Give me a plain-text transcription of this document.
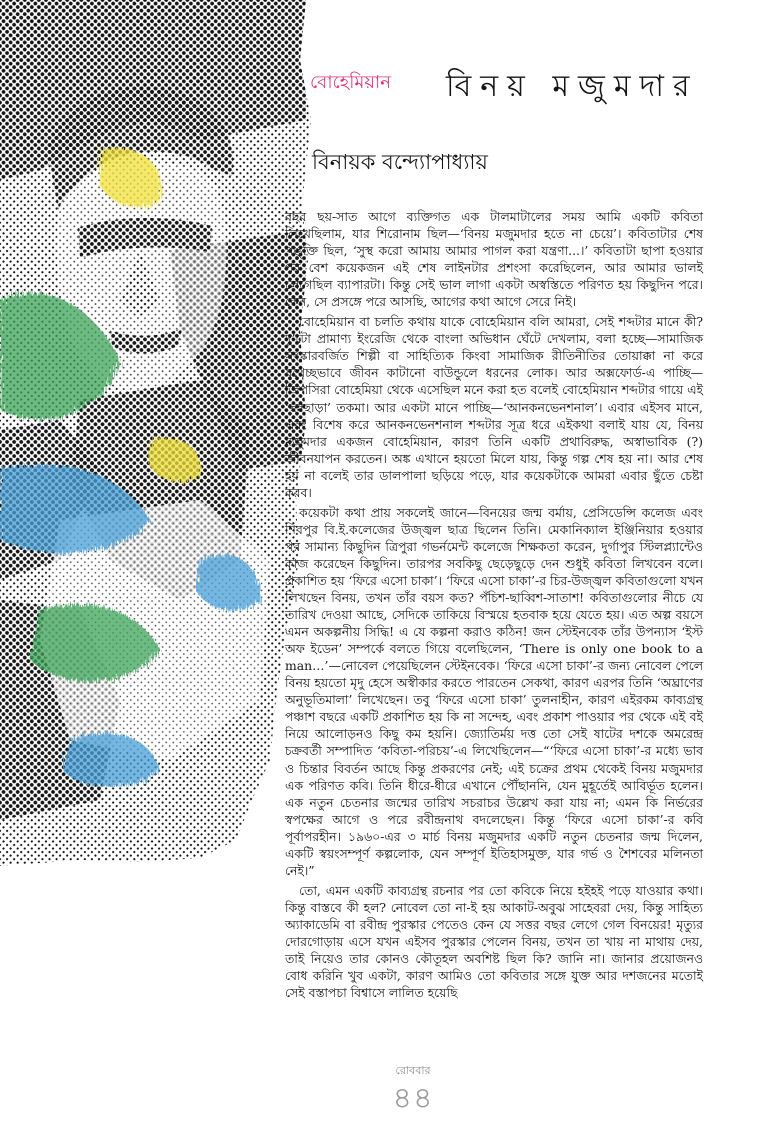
বোহেমিয়ান বিনয় মজুমদার
বিনায়ক বন্দ্যোপাধ্যায়

বছর ছয়-সাত আগে ব্যক্তিগত এক টালমাটালের সময় আমি একটি কবিতা লিখেছিলাম, যার শিরোনাম ছিল—‘বিনয় মজুমদার হতে না চেয়ে’। কবিতাটার শেষ পঙ্‌ক্তি ছিল, ‘সুস্থ করো আমায় আমার পাগল করা যন্ত্রণা...।’ কবিতাটা ছাপা হওয়ার পর বেশ কয়েকজন এই শেষ লাইনটার প্রশংসা করেছিলেন, আর আমার ভালই লেগেছিল ব্যাপারটা। কিন্তু সেই ভাল লাগা একটা অস্বস্তিতে পরিণত হয় কিছুদিন পরে। কেন, সে প্রসঙ্গে পরে আসছি, আগের কথা আগে সেরে নিই।

বোহেমিয়ান বা চলতি কথায় যাকে বোহেমিয়ান বলি আমরা, সেই শব্দটার মানে কী? দু’টো প্রামাণ্য ইংরেজি থেকে বাংলা অভিধান ঘেঁটে দেখলাম, বলা হচ্ছে—সামাজিক সংস্কারবর্জিত শিল্পী বা সাহিত্যিক কিংবা সামাজিক রীতিনীতির তোয়াক্কা না করে যথেচ্ছভাবে জীবন কাটানো বাউন্ডুলে ধরনের লোক। আর অক্সফোর্ড-এ পাচ্ছি—জিপসিরা বোহেমিয়া থেকে এসেছিল মনে করা হত বলেই বোহেমিয়ান শব্দটার গায়ে এই ‘ছন্নছাড়া’ তকমা। আর একটা মানে পাচ্ছি—‘আনকনভেনশনাল’। এবার এইসব মানে, এবং বিশেষ করে আনকনভেনশনাল শব্দটার সূত্র ধরে এইকথা বলাই যায় যে, বিনয় মজুমদার একজন বোহেমিয়ান, কারণ তিনি একটি প্রথাবিরুদ্ধ, অস্বাভাবিক (?) জীবনযাপন করতেন। অঙ্ক এখানে হয়তো মিলে যায়, কিন্তু গল্প শেষ হয় না। আর শেষ হয় না বলেই তার ডালপালা ছড়িয়ে পড়ে, যার কয়েকটাকে আমরা এবার ছুঁতে চেষ্টা করব।

কয়েকটা কথা প্রায় সকলেই জানে—বিনয়ের জন্ম বর্মায়, প্রেসিডেন্সি কলেজ এবং শিবপুর বি.ই.কলেজের উজ্জ্বল ছাত্র ছিলেন তিনি। মেকানিক্যাল ইঞ্জিনিয়ার হওয়ার পর সামান্য কিছুদিন ত্রিপুরা গভর্নমেন্ট কলেজে শিক্ষকতা করেন, দুর্গাপুর স্টিলপ্ল্যান্টেও কাজ করেছেন কিছুদিন। তারপর সবকিছু ছেড়েছুড়ে দেন শুধুই কবিতা লিখবেন বলে। প্রকাশিত হয় ‘ফিরে এসো চাকা’। ‘ফিরে এসো চাকা’-র চির-উজ্জ্বল কবিতাগুলো যখন লিখছেন বিনয়, তখন তাঁর বয়স কত? পঁচিশ-ছাব্বিশ-সাতাশ! কবিতাগুলোর নীচে যে তারিখ দেওয়া আছে, সেদিকে তাকিয়ে বিস্ময়ে হতবাক হয়ে যেতে হয়। এত অল্প বয়সে এমন অকল্পনীয় সিদ্ধি! এ যে কল্পনা করাও কঠিন! জন স্টেইনবেক তাঁর উপন্যাস ‘ইস্ট অফ ইডেন’ সম্পর্কে বলতে গিয়ে বলেছিলেন, ‘There is only one book to a man…’—নোবেল পেয়েছিলেন স্টেইনবেক। ‘ফিরে এসো চাকা’-র জন্য নোবেল পেলে বিনয় হয়তো মৃদু হেসে অস্বীকার করতে পারতেন সেকথা, কারণ এরপর তিনি ‘অঘ্রাণের অনুভূতিমালা’ লিখেছেন। তবু ‘ফিরে এসো চাকা’ তুলনাহীন, কারণ এইরকম কাব্যগ্রন্থ পঞ্চাশ বছরে একটি প্রকাশিত হয় কি না সন্দেহ, এবং প্রকাশ পাওয়ার পর থেকে এই বই নিয়ে আলোড়নও কিছু কম হয়নি। জ্যোতির্ময় দত্ত তো সেই ষাটের দশকে অমরেন্দ্র চক্রবর্তী সম্পাদিত ‘কবিতা-পরিচয়’-এ লিখেছিলেন—“‘ফিরে এসো চাকা’-র মধ্যে ভাব ও চিন্তার বিবর্তন আছে কিন্তু প্রকরণের নেই; এই চক্রের প্রথম থেকেই বিনয় মজুমদার এক পরিণত কবি। তিনি ধীরে-ধীরে এখানে পৌঁছাননি, যেন মুহূর্তেই আবির্ভূত হলেন। এক নতুন চেতনার জন্মের তারিখ সচরাচর উল্লেখ করা যায় না; এমন কি নির্ভরের স্বপক্ষের আগে ও পরে রবীন্দ্রনাথ বদলেছেন। কিন্তু ‘ফিরে এসো চাকা’-র কবি পূর্বাপরহীন। ১৯৬০-এর ৩ মার্চ বিনয় মজুমদার একটি নতুন চেতনার জন্ম দিলেন, একটি স্বয়ংসম্পূর্ণ কল্পলোক, যেন সম্পূর্ণ ইতিহাসমুক্ত, যার গর্ভ ও শৈশবের মলিনতা নেই।”

তো, এমন একটি কাব্যগ্রন্থ রচনার পর তো কবিকে নিয়ে হইহই পড়ে যাওয়ার কথা। কিন্তু বাস্তবে কী হল? নোবেল তো না-ই হয় আকাট-অবুঝ সাহেবরা দেয়, কিন্তু সাহিত্য অ্যাকাডেমি বা রবীন্দ্র পুরস্কার পেতেও কেন যে সত্তর বছর লেগে গেল বিনয়ের! মৃত্যুর দোরগোড়ায় এসে যখন এইসব পুরস্কার পেলেন বিনয়, তখন তা খায় না মাথায় দেয়, তাই নিয়েও তার কোনও কৌতূহল অবশিষ্ট ছিল কি? জানি না। জানার প্রয়োজনও বোধ করিনি খুব একটা, কারণ আমিও তো কবিতার সঙ্গে যুক্ত আর দশজনের মতোই সেই বস্তাপচা বিশ্বাসে লালিত হয়েছি

রোববার
৪৪
